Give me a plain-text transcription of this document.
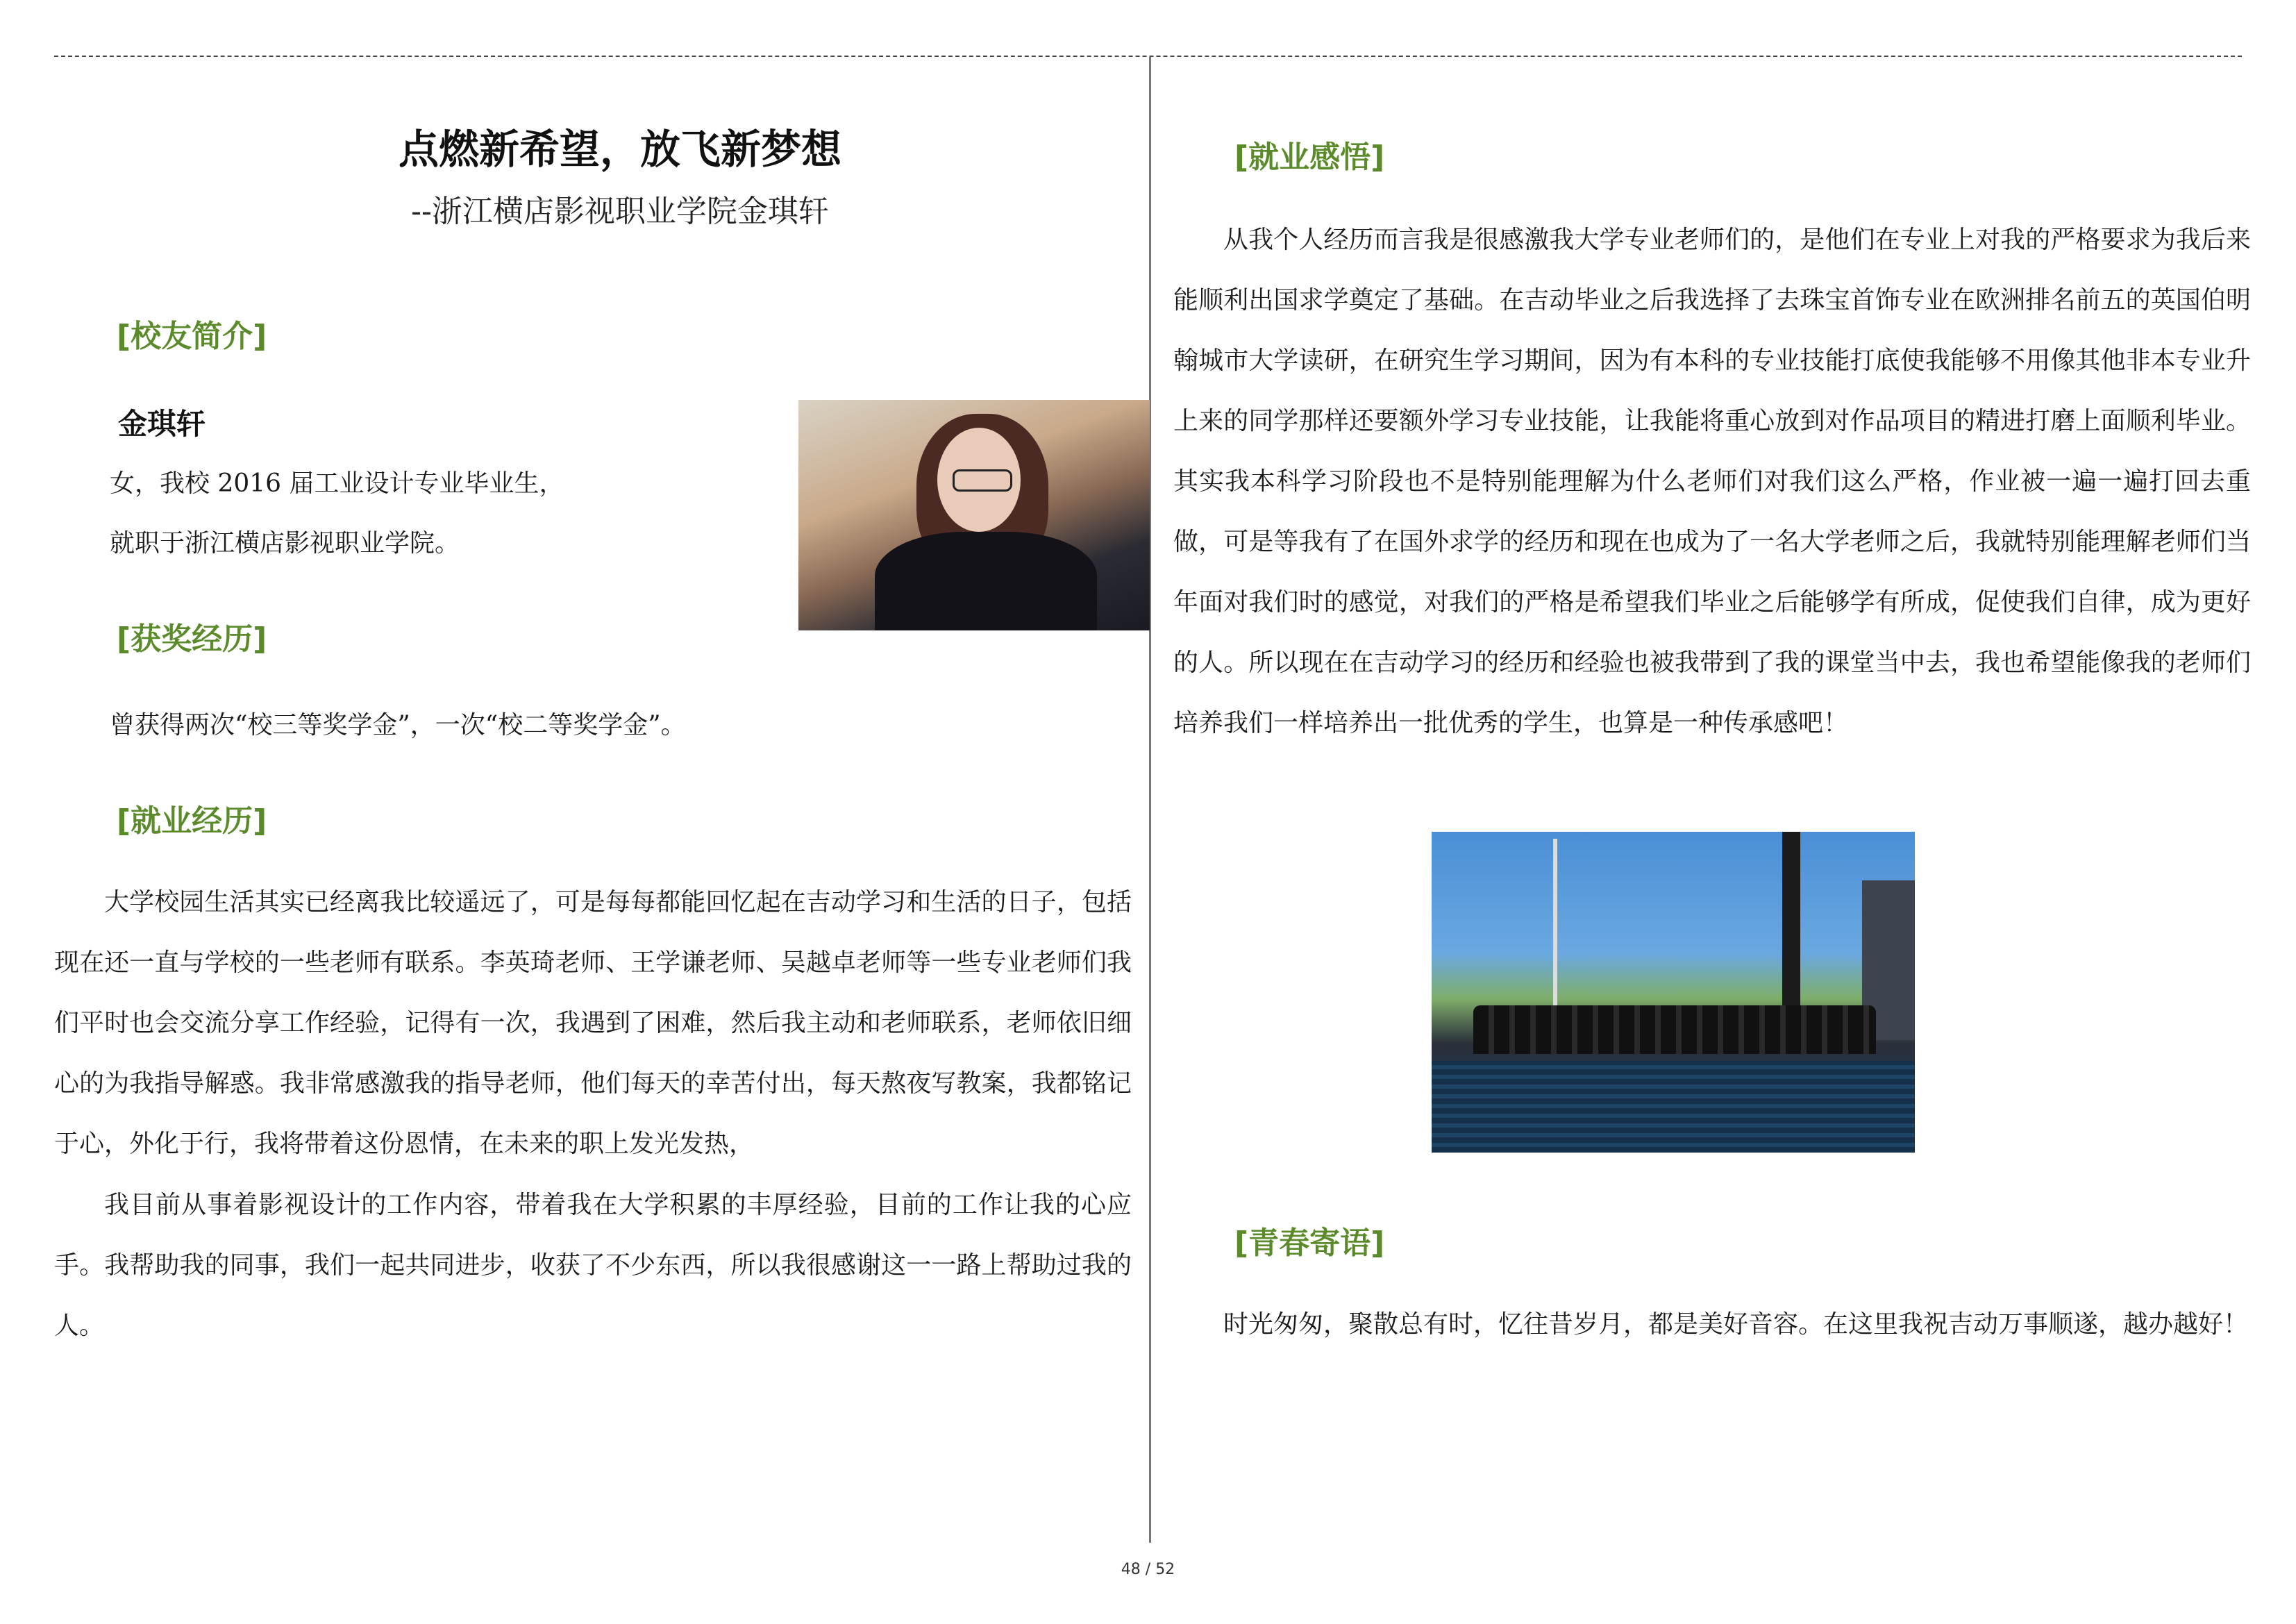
点燃新希望，放飞新梦想

--浙江横店影视职业学院金琪轩

[校友简介]

金琪轩

女，我校 2016 届工业设计专业毕业生，

就职于浙江横店影视职业学院。

[获奖经历]

曾获得两次“校三等奖学金”，一次“校二等奖学金”。

[就业经历]

大学校园生活其实已经离我比较遥远了，可是每每都能回忆起在吉动学习和生活的日子，包括现在还一直与学校的一些老师有联系。李英琦老师、王学谦老师、吴越卓老师等一些专业老师们我们平时也会交流分享工作经验，记得有一次，我遇到了困难，然后我主动和老师联系，老师依旧细心的为我指导解惑。我非常感激我的指导老师，他们每天的幸苦付出，每天熬夜写教案，我都铭记于心，外化于行，我将带着这份恩情，在未来的职上发光发热，

我目前从事着影视设计的工作内容，带着我在大学积累的丰厚经验，目前的工作让我的心应手。我帮助我的同事，我们一起共同进步，收获了不少东西，所以我很感谢这一一路上帮助过我的人。

[就业感悟]

从我个人经历而言我是很感激我大学专业老师们的，是他们在专业上对我的严格要求为我后来能顺利出国求学奠定了基础。在吉动毕业之后我选择了去珠宝首饰专业在欧洲排名前五的英国伯明翰城市大学读研，在研究生学习期间，因为有本科的专业技能打底使我能够不用像其他非本专业升上来的同学那样还要额外学习专业技能，让我能将重心放到对作品项目的精进打磨上面顺利毕业。其实我本科学习阶段也不是特别能理解为什么老师们对我们这么严格，作业被一遍一遍打回去重做，可是等我有了在国外求学的经历和现在也成为了一名大学老师之后，我就特别能理解老师们当年面对我们时的感觉，对我们的严格是希望我们毕业之后能够学有所成，促使我们自律，成为更好的人。所以现在在吉动学习的经历和经验也被我带到了我的课堂当中去，我也希望能像我的老师们培养我们一样培养出一批优秀的学生，也算是一种传承感吧！

[青春寄语]

时光匆匆，聚散总有时，忆往昔岁月，都是美好音容。在这里我祝吉动万事顺遂，越办越好！

48 / 52
